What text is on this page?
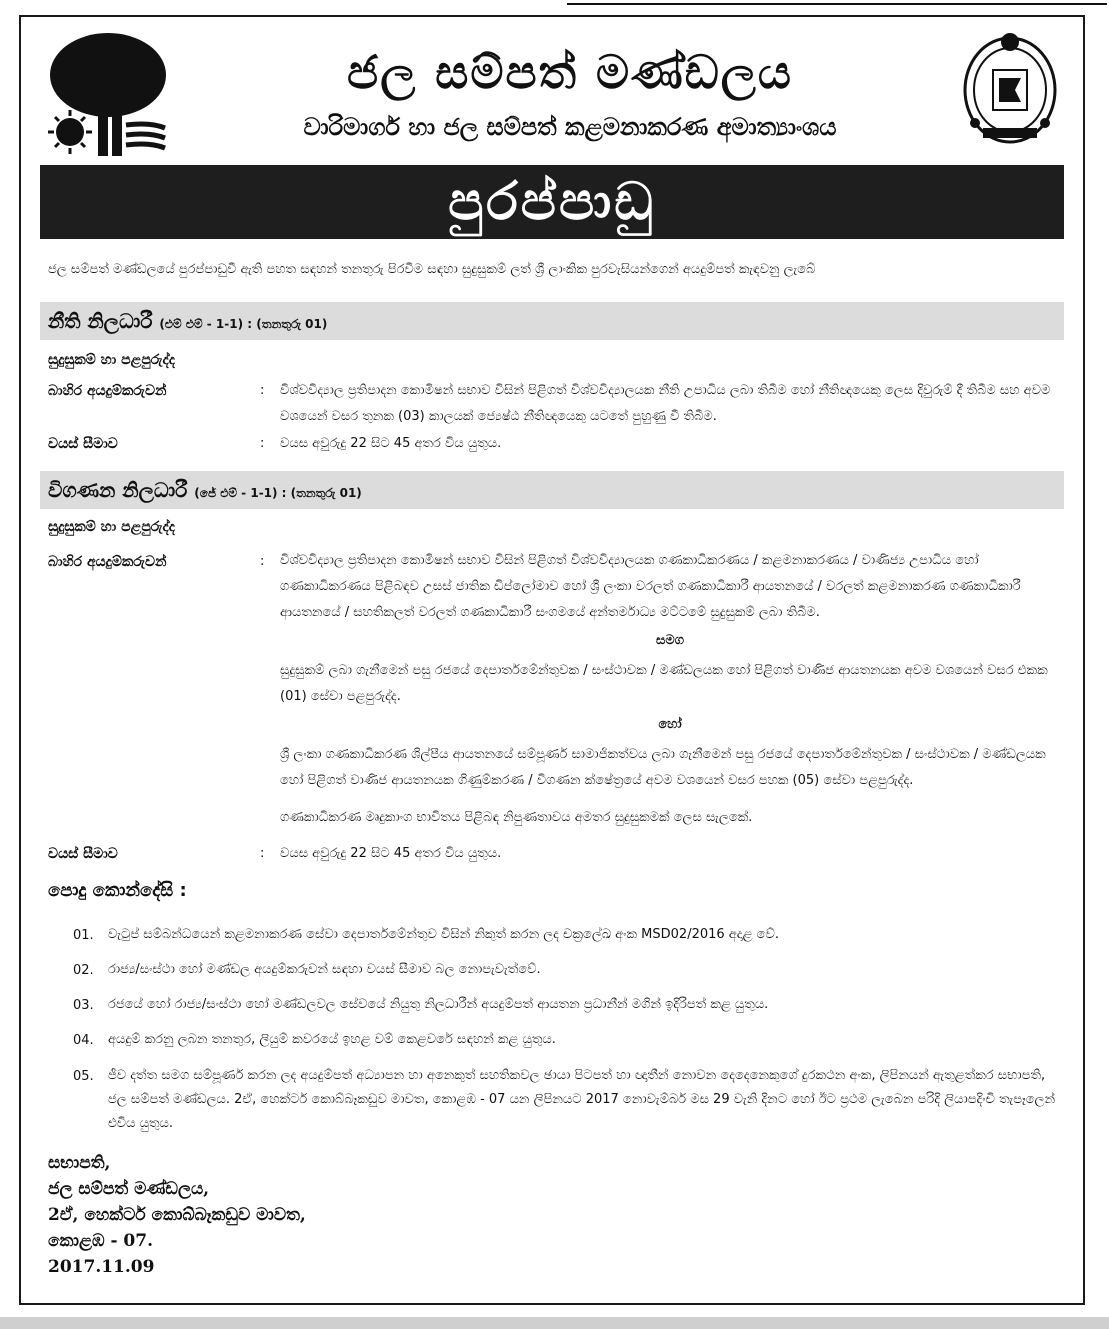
ජල සම්පත් මණ්ඩලය
වාරිමාර්ග හා ජල සම්පත් කළමනාකරණ අමාත්‍යාංශය
පුරප්පාඩු
ජල සම්පත් මණ්ඩලයේ පුරප්පාඩුවී ඇති පහත සඳහන් තනතුරු පිරවීම සඳහා සුදුසුකම් ලත් ශ්‍රී ලාංකික පුරවැසියන්ගෙන් අයදුම්පත් කැඳවනු ලැබේ
නීති නිලධාරී (එම් එම් - 1-1) : (තනතුරු 01)
සුදුසුකම් හා පළපුරුද්ද
බාහිර අයදුම්කරුවන්	: විශ්වවිද්‍යාල ප්‍රතිපාදන කොමිෂන් සභාව විසින් පිළිගත් විශ්වවිද්‍යාලයක නීති උපාධිය ලබා තිබීම හෝ නීතිඥයෙකු ලෙස දිවුරුම් දී තිබීම සහ අවම වශයෙන් වසර තුනක (03) කාලයක් ජ්‍යෙෂ්ඨ නීතිඥයෙකු යටතේ පුහුණු වී තිබීම.
වයස් සීමාව	: වයස අවුරුදු 22 සිට 45 අතර විය යුතුය.
විගණන නිලධාරී (ජේ එම් - 1-1) : (තනතුරු 01)
සුදුසුකම් හා පළපුරුද්ද
බාහිර අයදුම්කරුවන්	: විශ්වවිද්‍යාල ප්‍රතිපාදන කොමිෂන් සභාව විසින් පිළිගත් විශ්වවිද්‍යාලයක ගණකාධිකරණය / කළමනාකරණය / වාණිජ්‍ය උපාධිය හෝ ගණකාධිකරණය පිළිබඳව උසස් ජාතික ඩිප්ලෝමාව හෝ ශ්‍රී ලංකා වරලත් ගණකාධිකාරී ආයතනයේ / වරලත් කළමනාකරණ ගණකාධිකාරී ආයතනයේ / සහතිකලත් වරලත් ගණකාධිකාරී සංගමයේ අන්තර්මාධ්‍ය මට්ටමේ සුදුසුකම් ලබා තිබීම.
සමග
සුදුසුකම් ලබා ගැනීමෙන් පසු රජයේ දෙපාර්තමේන්තුවක / සංස්ථාවක / මණ්ඩලයක හෝ පිළිගත් වාණිජ ආයතනයක අවම වශයෙන් වසර එකක (01) සේවා පළපුරුද්ද.
හෝ
ශ්‍රී ලංකා ගණකාධිකරණ ශිල්පීය ආයතනයේ සම්පූර්ණ සාමාජිකත්වය ලබා ගැනීමෙන් පසු රජයේ දෙපාර්තමේන්තුවක / සංස්ථාවක / මණ්ඩලයක හෝ පිළිගත් වාණිජ ආයතනයක ගිණුම්කරණ / විගණන ක්ෂේත්‍රයේ අවම වශයෙන් වසර පහක (05) සේවා පළපුරුද්ද.
ගණකාධිකරණ මෘදුකාංග භාවිතය පිළිබඳ නිපුණතාවය අමතර සුදුසුකමක් ලෙස සැලකේ.
වයස් සීමාව	: වයස අවුරුදු 22 සිට 45 අතර විය යුතුය.
පොදු කොන්දේසි :
01. වැටුප් සම්බන්ධයෙන් කළමනාකරණ සේවා දෙපාර්තමේන්තුව විසින් නිකුත් කරන ලද චක්‍රලේඛ අංක MSD02/2016 අදාළ වේ.
02. රාජ්‍ය/සංස්ථා හෝ මණ්ඩල අයදුම්කරුවන් සඳහා වයස් සීමාව බල නොපැවැත්වේ.
03. රජයේ හෝ රාජ්‍ය/සංස්ථා හෝ මණ්ඩලවල සේවයේ නියුතු නිලධාරීන් අයදුම්පත් ආයතන ප්‍රධානීන් මගින් ඉදිරිපත් කළ යුතුය.
04. අයදුම් කරනු ලබන තනතුර, ලියුම් කවරයේ ඉහළ වම් කෙළවරේ සඳහන් කළ යුතුය.
05. ජීව දත්ත සමග සම්පූර්ණ කරන ලද අයදුම්පත් අධ්‍යාපන හා අනෙකුත් සහතිකවල ඡායා පිටපත් හා ඥාතීන් නොවන දෙදෙනෙකුගේ දුරකථන අංක, ලිපිනයන් ඇතුළත්කර සභාපති, ජල සම්පත් මණ්ඩලය. 2ඒ, හෙක්ටර් කොබ්බෑකඩුව මාවත, කොළඹ - 07 යන ලිපිනයට 2017 නොවැම්බර් මස 29 වැනි දිනට හෝ ඊට ප්‍රථම ලැබෙන පරිදි ලියාපදිංචි තැපෑලෙන් එවිය යුතුය.
සභාපති,
ජල සම්පත් මණ්ඩලය,
2ඒ, හෙක්ටර් කොබ්බෑකඩුව මාවත,
කොළඹ - 07.
2017.11.09
